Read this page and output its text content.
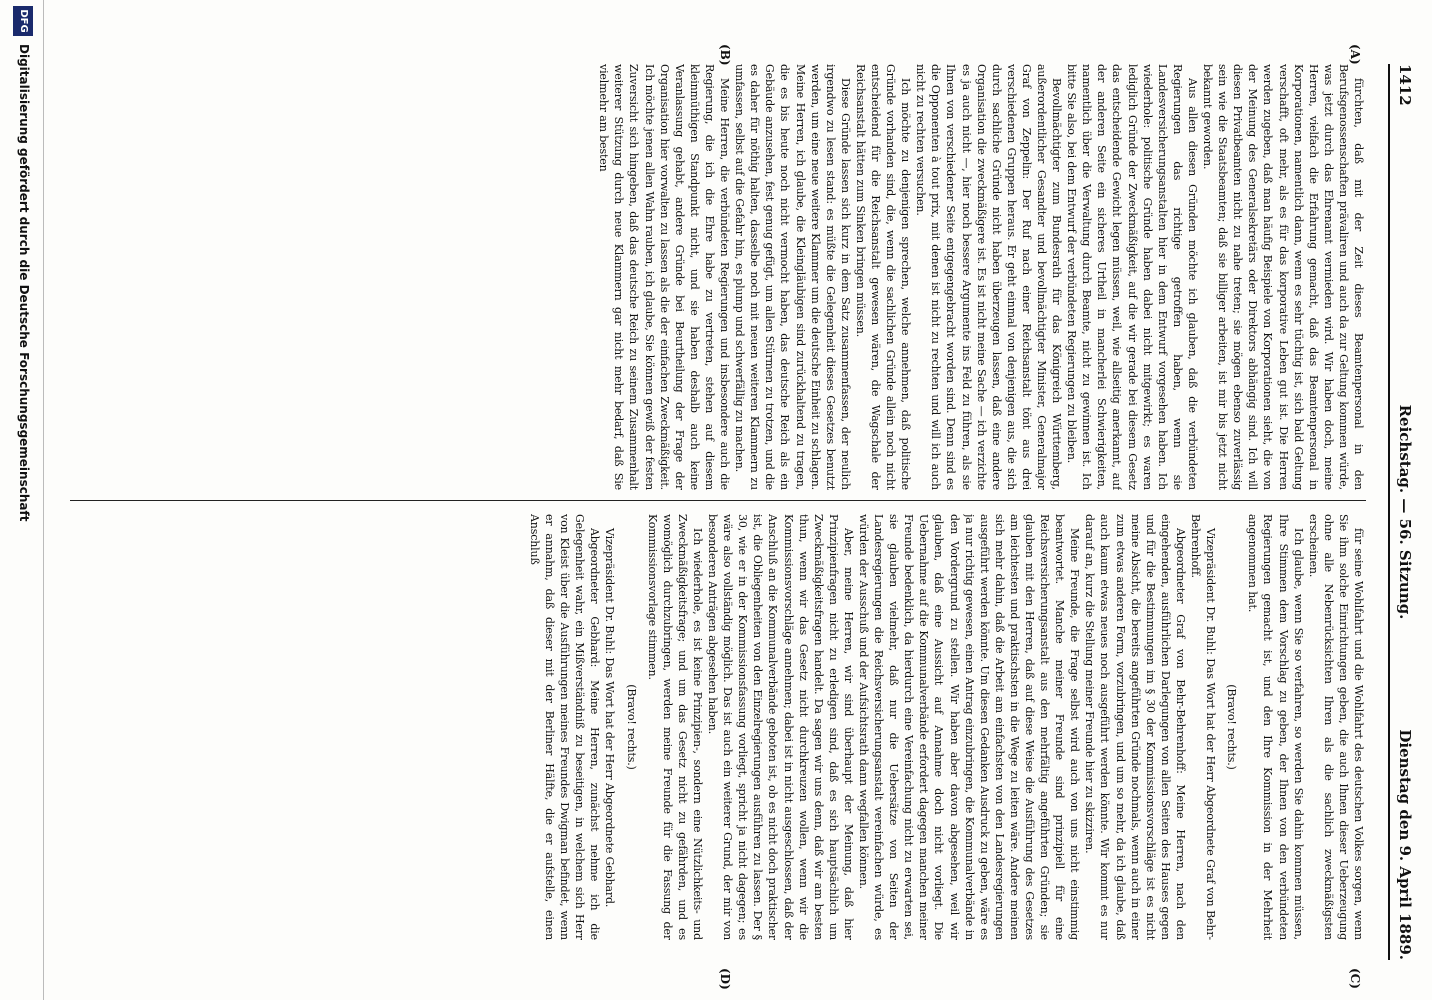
1412
Reichstag. — 56. Sitzung.
Dienstag den 9. April 1889.
(A)
(B)
(C)
(D)

fürchten, daß mit der Zeit dieses Beamtenpersonal in den Berufsgenossenschaften prävaliren und auch da zur Geltung kommen würde, was jetzt durch das Ehrenamt vermieden wird. Wir haben doch, meine Herren, vielfach die Erfahrung gemacht, daß das Beamtenpersonal in Korporationen, namentlich dann, wenn es sehr tüchtig ist, sich bald Geltung verschafft, oft mehr, als es für das korporative Leben gut ist. Die Herren werden zugeben, daß man häufig Beispiele von Korporationen sieht, die von der Meinung des Generalsekretärs oder Direktors abhängig sind. Ich will diesen Privatbeamten nicht zu nahe treten; sie mögen ebenso zuverlässig sein wie die Staatsbeamten; daß sie billiger arbeiten, ist mir bis jetzt nicht bekannt geworden.

Aus allen diesen Gründen möchte ich glauben, daß die verbündeten Regierungen das richtige getroffen haben, wenn sie Landesversicherungsanstalten hier in dem Entwurf vorgesehen haben. Ich wiederhole: politische Gründe haben dabei nicht mitgewirkt; es waren lediglich Gründe der Zweckmäßigkeit, auf die wir gerade bei diesem Gesetz das entscheidende Gewicht legen müssen, weil, wie allseitig anerkannt, auf der anderen Seite ein sicheres Urtheil in mancherlei Schwierigkeiten, namentlich über die Verwaltung durch Beamte, nicht zu gewinnen ist. Ich bitte Sie also, bei dem Entwurf der verbündeten Regierungen zu bleiben.

Bevollmächtigter zum Bundesrath für das Königreich Württemberg, außerordentlicher Gesandter und bevollmächtigter Minister, Generalmajor Graf von Zeppelin: Der Ruf nach einer Reichsanstalt tönt aus drei verschiedenen Gruppen heraus. Er geht einmal von denjenigen aus, die sich durch sachliche Gründe nicht haben überzeugen lassen, daß eine andere Organisation die zweckmäßigere ist. Es ist nicht meine Sache — ich verzichte es ja auch nicht —, hier noch bessere Argumente ins Feld zu führen, als sie Ihnen von verschiedener Seite entgegengebracht worden sind. Denn sind es die Opponenten à tout prix, mit denen ist nicht zu rechten und will ich auch nicht zu rechten versuchen.

Ich möchte zu denjenigen sprechen, welche annehmen, daß politische Gründe vorhanden sind, die, wenn die sachlichen Gründe allein noch nicht entscheidend für die Reichsanstalt gewesen wären, die Wagschale der Reichsanstalt hätten zum Sinken bringen müssen.

Diese Gründe lassen sich kurz in dem Satz zusammenfassen, der neulich irgendwo zu lesen stand: es müßte die Gelegenheit dieses Gesetzes benutzt werden, um eine neue weitere Klammer um die deutsche Einheit zu schlagen. Meine Herren, ich glaube, die Kleingläubigen sind zurückhaltend zu tragen, die es bis heute noch nicht vermocht haben, das deutsche Reich als ein Gebäude anzusehen, fest genug gefügt, um allen Stürmen zu trotzen, und die es daher für nöthig halten, dasselbe noch mit neuen weiteren Klammern zu umfassen, selbst auf die Gefahr hin, es plump und schwerfällig zu machen.

Meine Herren, die verbündeten Regierungen und insbesondere auch die Regierung, die ich die Ehre habe zu vertreten, stehen auf diesem kleinmüthigen Standpunkt nicht, und sie haben deshalb auch keine Veranlassung gehabt, andere Gründe bei Beurtheilung der Frage der Organisation hier vorwalten zu lassen als die der einfachen Zweckmäßigkeit. Ich möchte jenen allen Wahn rauben, ich glaube, Sie können gewiß der festen Zuversicht sich hingeben, daß das deutsche Reich zu seinem Zusammenhalt weiterer Stützung durch neue Klammern gar nicht mehr bedarf, daß Sie vielmehr am besten

für seine Wohlfahrt und die Wohlfahrt des deutschen Volkes sorgen, wenn Sie ihm solche Einrichtungen geben, die auch Ihnen dieser Ueberzeugung ohne alle Nebenrücksichten Ihren als die sachlich zweckmäßigsten erscheinen.

Ich glaube, wenn Sie so verfahren, so werden Sie dahin kommen müssen, Ihre Stimmen dem Vorschlag zu geben, der Ihnen von den verbündeten Regierungen gemacht ist, und den Ihre Kommission in der Mehrheit angenommen hat.

(Bravo! rechts.)

Vizepräsident Dr. Buhl: Das Wort hat der Herr Abgeordnete Graf von Behr-Behrenhoff.

Abgeordneter Graf von Behr-Behrenhoff: Meine Herren, nach den eingehenden, ausführlichen Darlegungen von allen Seiten des Hauses gegen und für die Bestimmungen im § 30 der Kommissionsvorschläge ist es nicht meine Absicht, die bereits angeführten Gründe nochmals, wenn auch in einer zum etwas anderen Form, vorzubringen, und um so mehr, da ich glaube, daß auch kaum etwas neues noch ausgeführt werden könnte. Wir kommt es nur darauf an, kurz die Stellung meiner Freunde hier zu skizziren.

Meine Freunde, die Frage selbst wird auch von uns nicht einstimmig beantwortet. Manche meiner Freunde sind prinzipiell für eine Reichsversicherungsanstalt aus den mehrfältig angeführten Gründen; sie glauben mit den Herren, daß auf diese Weise die Ausführung des Gesetzes am leichtesten und praktischsten in die Wege zu leiten wäre. Andere meinen sich mehr dahin, daß die Arbeit am einfachsten von den Landesregierungen ausgeführt werden könnte. Um diesen Gedanken Ausdruck zu geben, wäre es ja nur richtig gewesen, einen Antrag einzubringen, die Kommunalverbände in den Vordergrund zu stellen. Wir haben aber davon abgesehen, weil wir glauben, daß eine Aussicht auf Annahme doch nicht vorliegt. Die Uebernahme auf die Kommunalverbände erfordert dagegen manchen meiner Freunde bedenklich, da hierdurch eine Vereinfachung nicht zu erwarten sei, sie glauben vielmehr, daß nur die Uebersätze von Seiten der Landesregierungen die Reichsversicherungsanstalt vereinfachen würde, es würden der Ausschuß und der Aufsichtsrath dann wegfallen können.

Aber, meine Herren, wir sind überhaupt der Meinung, daß hier Prinzipienfragen nicht zu erledigen sind, daß es sich hauptsächlich um Zweckmäßigkeitsfragen handelt. Da sagen wir uns denn, daß wir am besten thun, wenn wir das Gesetz nicht durchkreuzen wollen, wenn wir die Kommissionsvorschläge annehmen; dabei ist in nicht ausgeschlossen, daß der Anschluß an die Kommunalverbände geboten ist, ob es nicht doch praktischer ist, die Obliegenheiten von den Einzelregierungen ausführen zu lassen. Der § 30, wie er in der Kommissionsfassung vorliegt, spricht ja nicht dagegen; es wäre also vollständig möglich. Das ist auch ein weiterer Grund, der mir von besonderen Anträgen abgesehen haben.

Ich wiederhole, es ist keine Prinzipien-, sondern eine Nützlichkeits- und Zweckmäßigkeitsfrage; und um das Gesetz nicht zu gefährden, und es womöglich durchzubringen, werden meine Freunde für die Fassung der Kommissionsvorlage stimmen.

(Bravo! rechts.)

Vizepräsident Dr. Buhl: Das Wort hat der Herr Abgeordnete Gebhard.

Abgeordneter Gebhard: Meine Herren, zunächst nehme ich die Gelegenheit wahr, ein Mißverständniß zu beseitigen, in welchem sich Herr von Kleist über die Ausführungen meines Freundes Dwigman befindet, wenn er annahm, daß dieser mit der Berliner Hälfte, die er aufstelle, einen Anschluß

DFG
Digitalisierung gefördert durch die Deutsche Forschungsgemeinschaft
